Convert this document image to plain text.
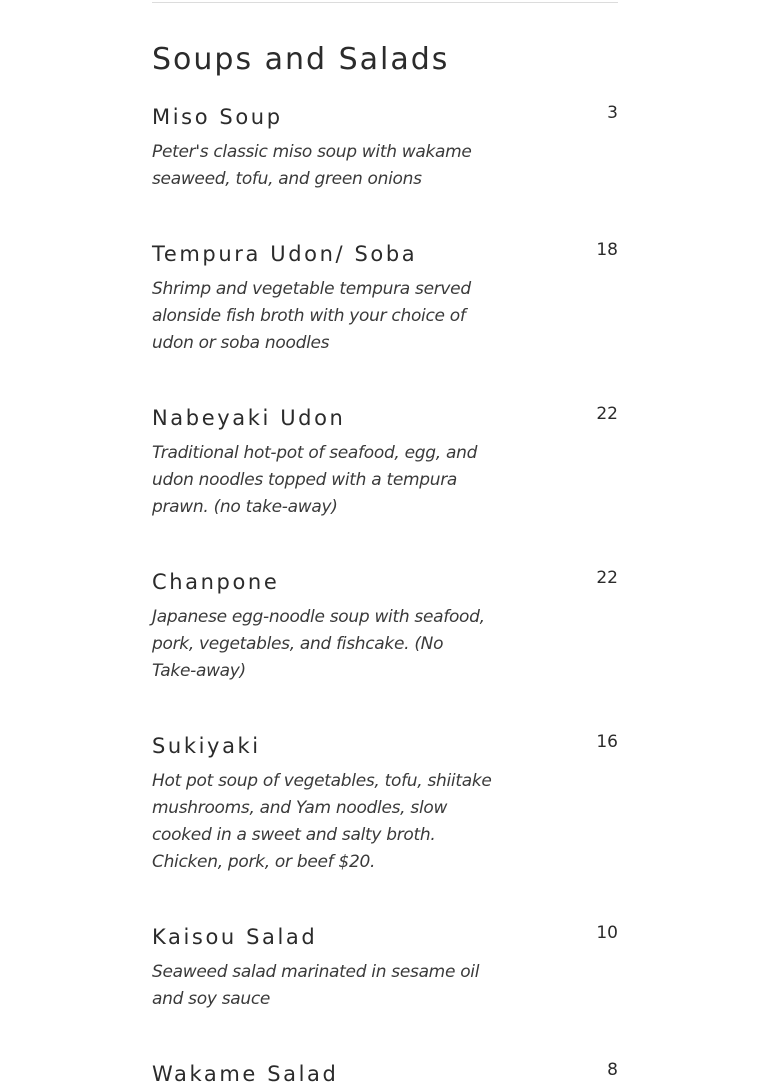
Soups and Salads
Miso Soup	3
Peter's classic miso soup with wakame seaweed, tofu, and green onions
Tempura Udon/ Soba	18
Shrimp and vegetable tempura served alonside fish broth with your choice of udon or soba noodles
Nabeyaki Udon	22
Traditional hot-pot of seafood, egg, and udon noodles topped with a tempura prawn. (no take-away)
Chanpone	22
Japanese egg-noodle soup with seafood, pork, vegetables, and fishcake. (No Take-away)
Sukiyaki	16
Hot pot soup of vegetables, tofu, shiitake mushrooms, and Yam noodles, slow cooked in a sweet and salty broth. Chicken, pork, or beef $20.
Kaisou Salad	10
Seaweed salad marinated in sesame oil and soy sauce
Wakame Salad	8
